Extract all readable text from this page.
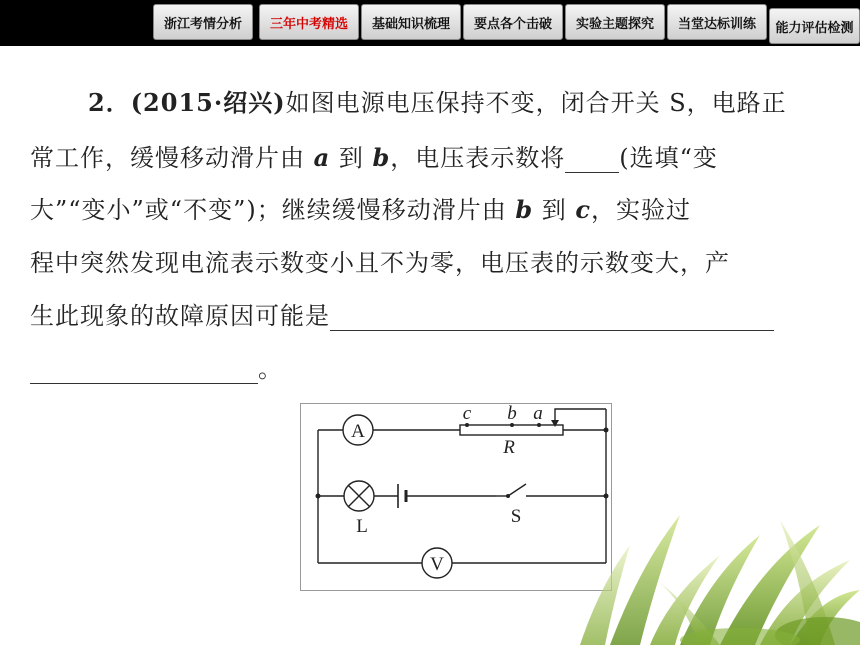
浙江考情分析	三年中考精选	基础知识梳理	要点各个击破	实验主题探究	当堂达标训练	能力评估检测
2．(2015·绍兴)如图电源电压保持不变，闭合开关 S，电路正
常工作，缓慢移动滑片由 a 到 b，电压表示数将 (选填“变
大”“变小”或“不变”)；继续缓慢移动滑片由 b 到 c，实验过
程中突然发现电流表示数变小且不为零，电压表的示数变大，产
生此现象的故障原因可能是
。
A
V
R
L	S
c b a
